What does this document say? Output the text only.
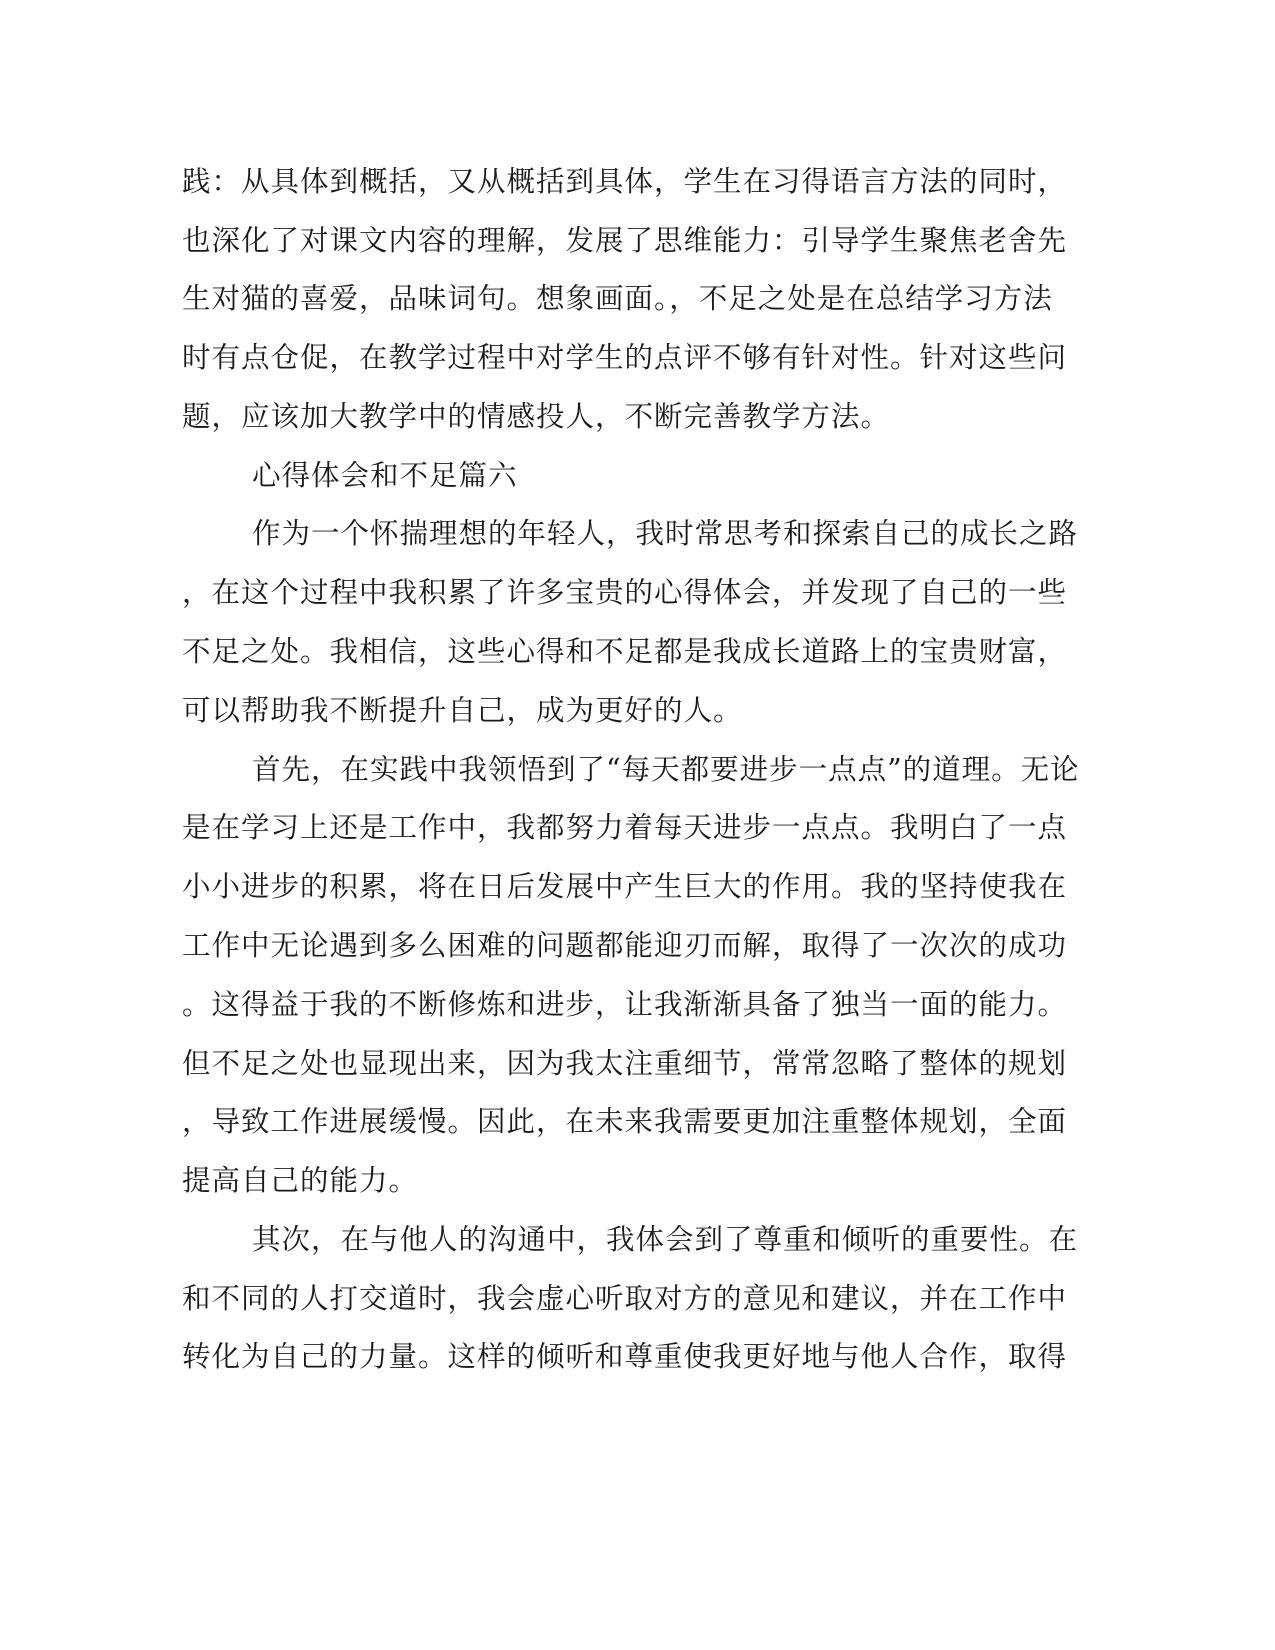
践：从具体到概括，又从概括到具体，学生在习得语言方法的同时，
也深化了对课文内容的理解，发展了思维能力：引导学生聚焦老舍先
生对猫的喜爱，品味词句。想象画面。，不足之处是在总结学习方法
时有点仓促，在教学过程中对学生的点评不够有针对性。针对这些问
题，应该加大教学中的情感投人，不断完善教学方法。
心得体会和不足篇六
作为一个怀揣理想的年轻人，我时常思考和探索自己的成长之路
，在这个过程中我积累了许多宝贵的心得体会，并发现了自己的一些
不足之处。我相信，这些心得和不足都是我成长道路上的宝贵财富，
可以帮助我不断提升自己，成为更好的人。
首先，在实践中我领悟到了“每天都要进步一点点”的道理。无论
是在学习上还是工作中，我都努力着每天进步一点点。我明白了一点
小小进步的积累，将在日后发展中产生巨大的作用。我的坚持使我在
工作中无论遇到多么困难的问题都能迎刃而解，取得了一次次的成功
。这得益于我的不断修炼和进步，让我渐渐具备了独当一面的能力。
但不足之处也显现出来，因为我太注重细节，常常忽略了整体的规划
，导致工作进展缓慢。因此，在未来我需要更加注重整体规划，全面
提高自己的能力。
其次，在与他人的沟通中，我体会到了尊重和倾听的重要性。在
和不同的人打交道时，我会虚心听取对方的意见和建议，并在工作中
转化为自己的力量。这样的倾听和尊重使我更好地与他人合作，取得
